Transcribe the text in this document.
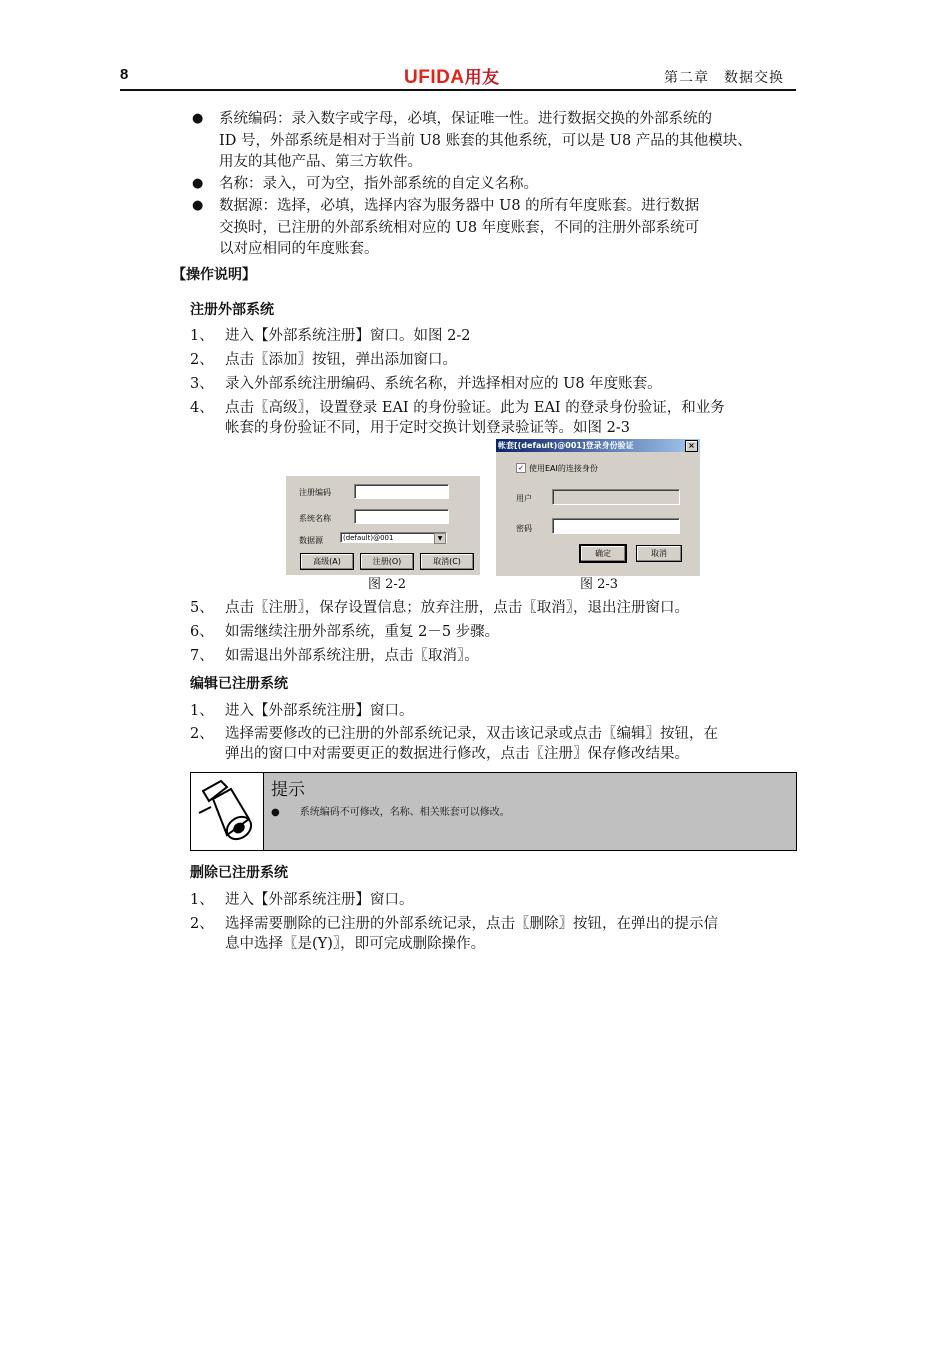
8	UFIDA用友	第二章　数据交换
● 系统编码：录入数字或字母，必填，保证唯一性。进行数据交换的外部系统的
ID 号，外部系统是相对于当前 U8 账套的其他系统，可以是 U8 产品的其他模块、
用友的其他产品、第三方软件。
● 名称：录入，可为空，指外部系统的自定义名称。
● 数据源：选择，必填，选择内容为服务器中 U8 的所有年度账套。进行数据
交换时，已注册的外部系统相对应的 U8 年度账套，不同的注册外部系统可
以对应相同的年度账套。
【操作说明】
注册外部系统
1、 进入【外部系统注册】窗口。如图 2-2
2、 点击〖添加〗按钮，弹出添加窗口。
3、 录入外部系统注册编码、系统名称，并选择相对应的 U8 年度账套。
4、 点击〖高级〗，设置登录 EAI 的身份验证。此为 EAI 的登录身份验证，和业务
帐套的身份验证不同，用于定时交换计划登录验证等。如图 2-3
注册编码
系统名称
数据源	(default)@001	▼
高级(A)	注册(O)	取消(C)
图 2-2
帐套[(default)@001]登录身份验证	×
✓ 使用EAI的连接身份
用户
密码
确定	取消
图 2-3
5、 点击〖注册〗，保存设置信息；放弃注册，点击〖取消〗，退出注册窗口。
6、 如需继续注册外部系统，重复 2－5 步骤。
7、 如需退出外部系统注册，点击〖取消〗。
编辑已注册系统
1、 进入【外部系统注册】窗口。
2、 选择需要修改的已注册的外部系统记录，双击该记录或点击〖编辑〗按钮，在
弹出的窗口中对需要更正的数据进行修改，点击〖注册〗保存修改结果。
提示
● 系统编码不可修改，名称、相关账套可以修改。
删除已注册系统
1、 进入【外部系统注册】窗口。
2、 选择需要删除的已注册的外部系统记录，点击〖删除〗按钮，在弹出的提示信
息中选择〖是(Y)〗，即可完成删除操作。
